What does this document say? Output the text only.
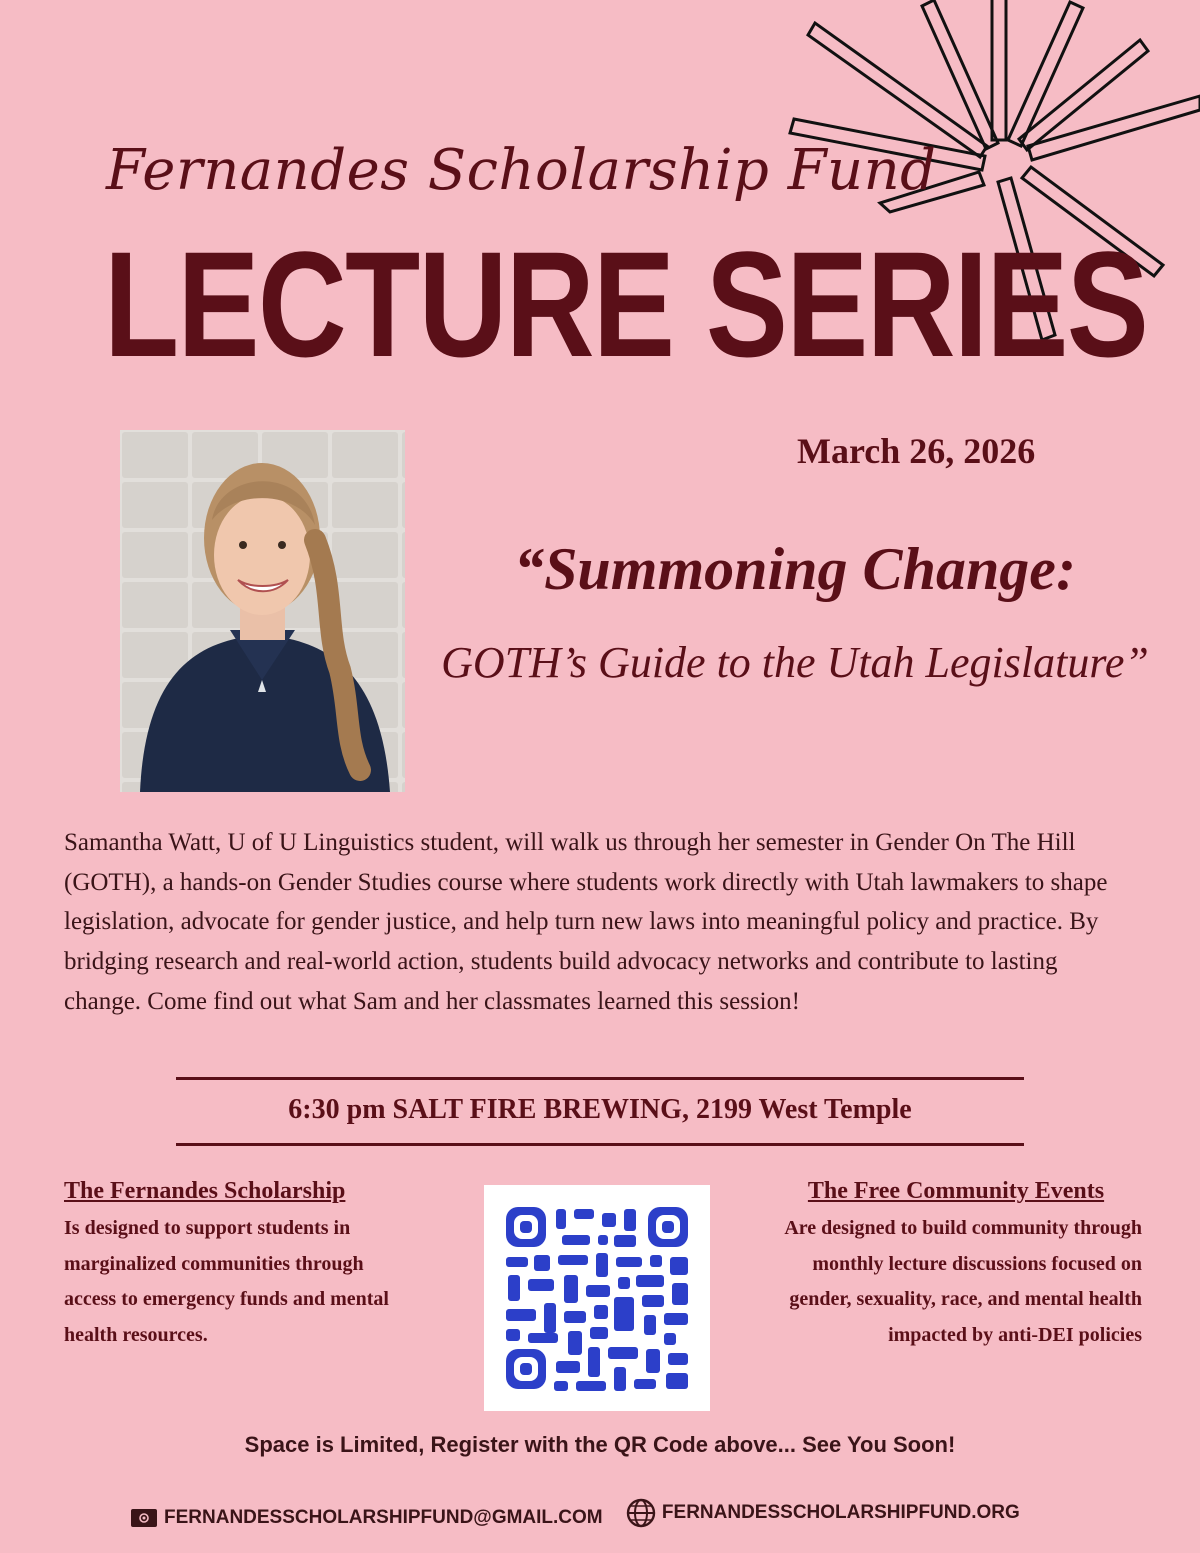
Fernandes Scholarship Fund
LECTURE SERIES
March 26, 2026
“Summoning Change:
GOTH’s Guide to the Utah Legislature”
Samantha Watt, U of U Linguistics student, will walk us through her semester in Gender On The Hill (GOTH), a hands-on Gender Studies course where students work directly with Utah lawmakers to shape legislation, advocate for gender justice, and help turn new laws into meaningful policy and practice. By bridging research and real-world action, students build advocacy networks and contribute to lasting change. Come find out what Sam and her classmates learned this session!
6:30 pm SALT FIRE BREWING, 2199 West Temple
The Fernandes Scholarship
Is designed to support students in marginalized communities through access to emergency funds and mental health resources.
The Free Community Events
Are designed to build community through monthly lecture discussions focused on gender, sexuality, race, and mental health impacted by anti-DEI policies
Space is Limited, Register with the QR Code above... See You Soon!
FERNANDESSCHOLARSHIPFUND@GMAIL.COM
	FERNANDESSCHOLARSHIPFUND.ORG
